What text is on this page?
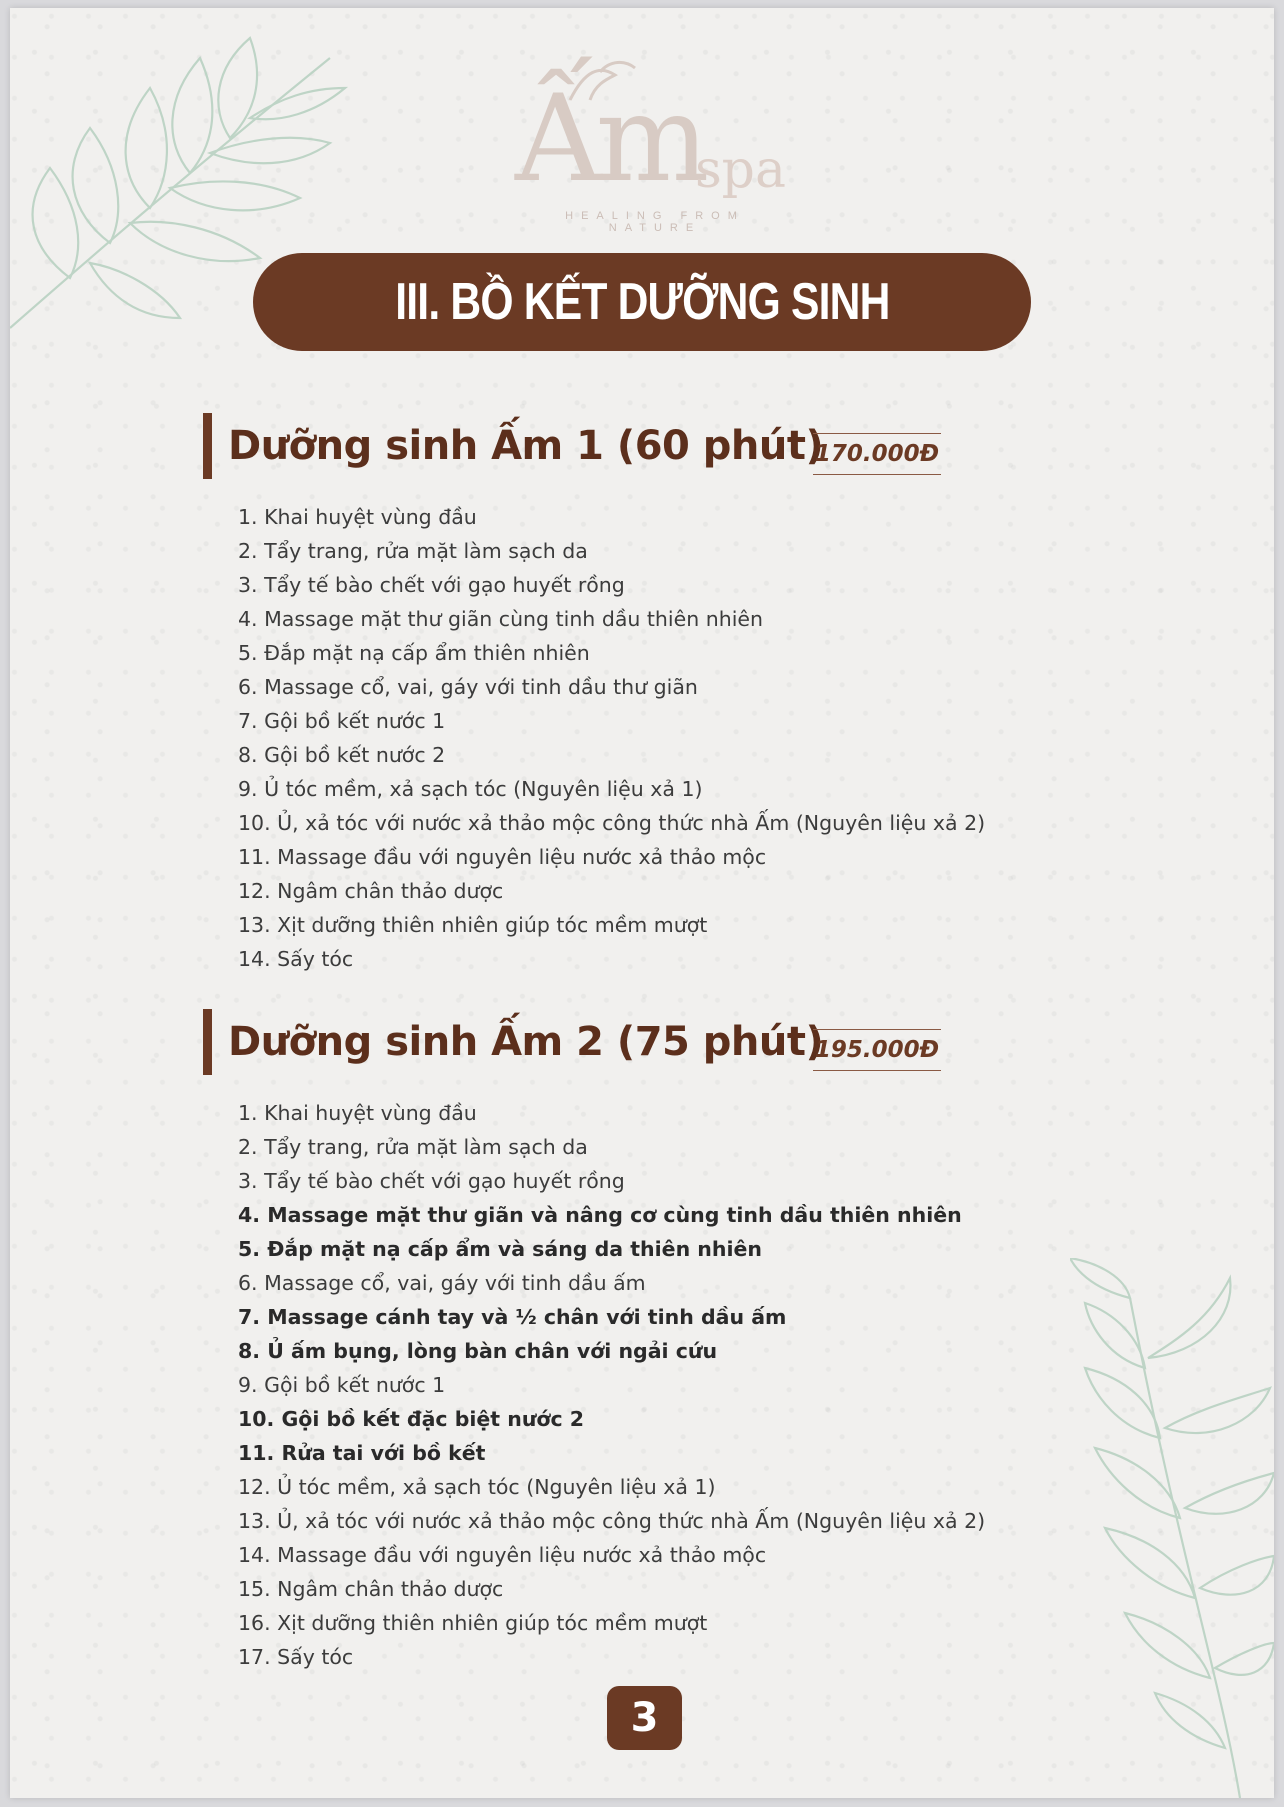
Ấm
spa
HEALING FROM NATURE
III. BỒ KẾT DƯỠNG SINH
Dưỡng sinh Ấm 1 (60 phút)
170.000Đ
1. Khai huyệt vùng đầu
2. Tẩy trang, rửa mặt làm sạch da
3. Tẩy tế bào chết với gạo huyết rồng
4. Massage mặt thư giãn cùng tinh dầu thiên nhiên
5. Đắp mặt nạ cấp ẩm thiên nhiên
6. Massage cổ, vai, gáy với tinh dầu thư giãn
7. Gội bồ kết nước 1
8. Gội bồ kết nước 2
9. Ủ tóc mềm, xả sạch tóc (Nguyên liệu xả 1)
10. Ủ, xả tóc với nước xả thảo mộc công thức nhà Ấm (Nguyên liệu xả 2)
11. Massage đầu với nguyên liệu nước xả thảo mộc
12. Ngâm chân thảo dược
13. Xịt dưỡng thiên nhiên giúp tóc mềm mượt
14. Sấy tóc
Dưỡng sinh Ấm 2 (75 phút)
195.000Đ
1. Khai huyệt vùng đầu
2. Tẩy trang, rửa mặt làm sạch da
3. Tẩy tế bào chết với gạo huyết rồng
4. Massage mặt thư giãn và nâng cơ cùng tinh dầu thiên nhiên
5. Đắp mặt nạ cấp ẩm và sáng da thiên nhiên
6. Massage cổ, vai, gáy với tinh dầu ấm
7. Massage cánh tay và ½ chân với tinh dầu ấm
8. Ủ ấm bụng, lòng bàn chân với ngải cứu
9. Gội bồ kết nước 1
10. Gội bồ kết đặc biệt nước 2
11. Rửa tai với bồ kết
12. Ủ tóc mềm, xả sạch tóc (Nguyên liệu xả 1)
13. Ủ, xả tóc với nước xả thảo mộc công thức nhà Ấm (Nguyên liệu xả 2)
14. Massage đầu với nguyên liệu nước xả thảo mộc
15. Ngâm chân thảo dược
16. Xịt dưỡng thiên nhiên giúp tóc mềm mượt
17. Sấy tóc
3
